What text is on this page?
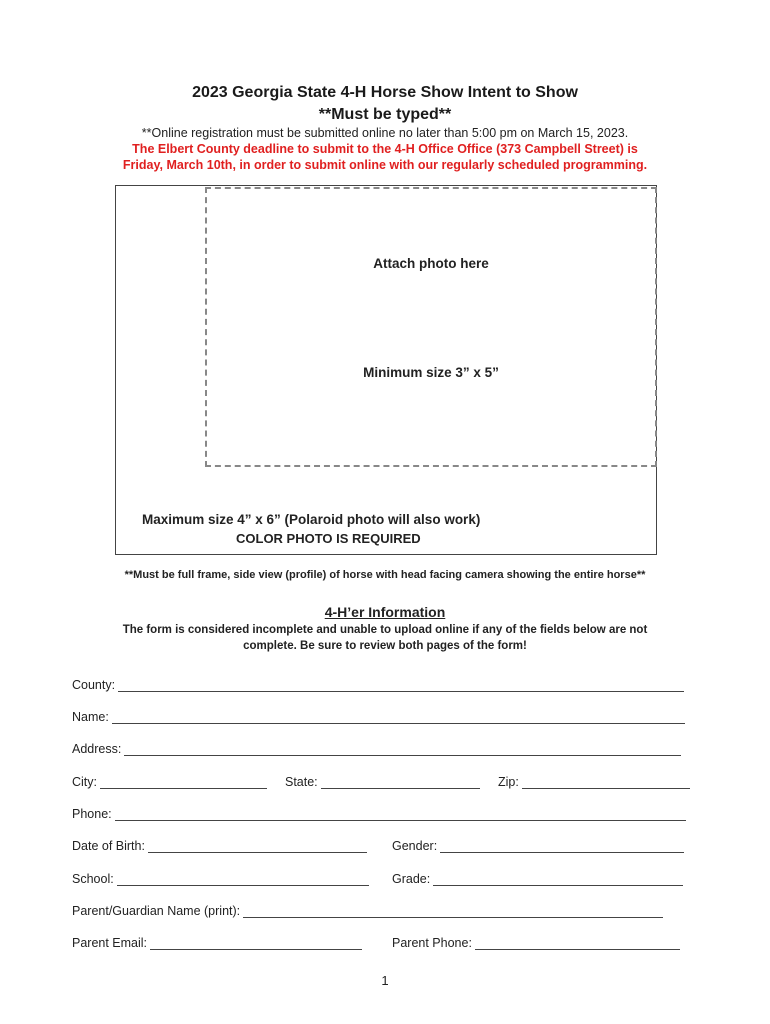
2023 Georgia State 4-H Horse Show Intent to Show
**Must be typed**
**Online registration must be submitted online no later than 5:00 pm on March 15, 2023.
The Elbert County deadline to submit to the 4-H Office Office (373 Campbell Street) is
Friday, March 10th, in order to submit online with our regularly scheduled programming.
Attach photo here
Minimum size 3” x 5”
Maximum size 4” x 6” (Polaroid photo will also work)
COLOR PHOTO IS REQUIRED
**Must be full frame, side view (profile) of horse with head facing camera showing the entire horse**
4-H’er Information
The form is considered incomplete and unable to upload online if any of the fields below are not
complete. Be sure to review both pages of the form!
County:
Name:
Address:
City:	State:	Zip:
Phone:
Date of Birth:	Gender:
School:	Grade:
Parent/Guardian Name (print):
Parent Email:	Parent Phone:
1
